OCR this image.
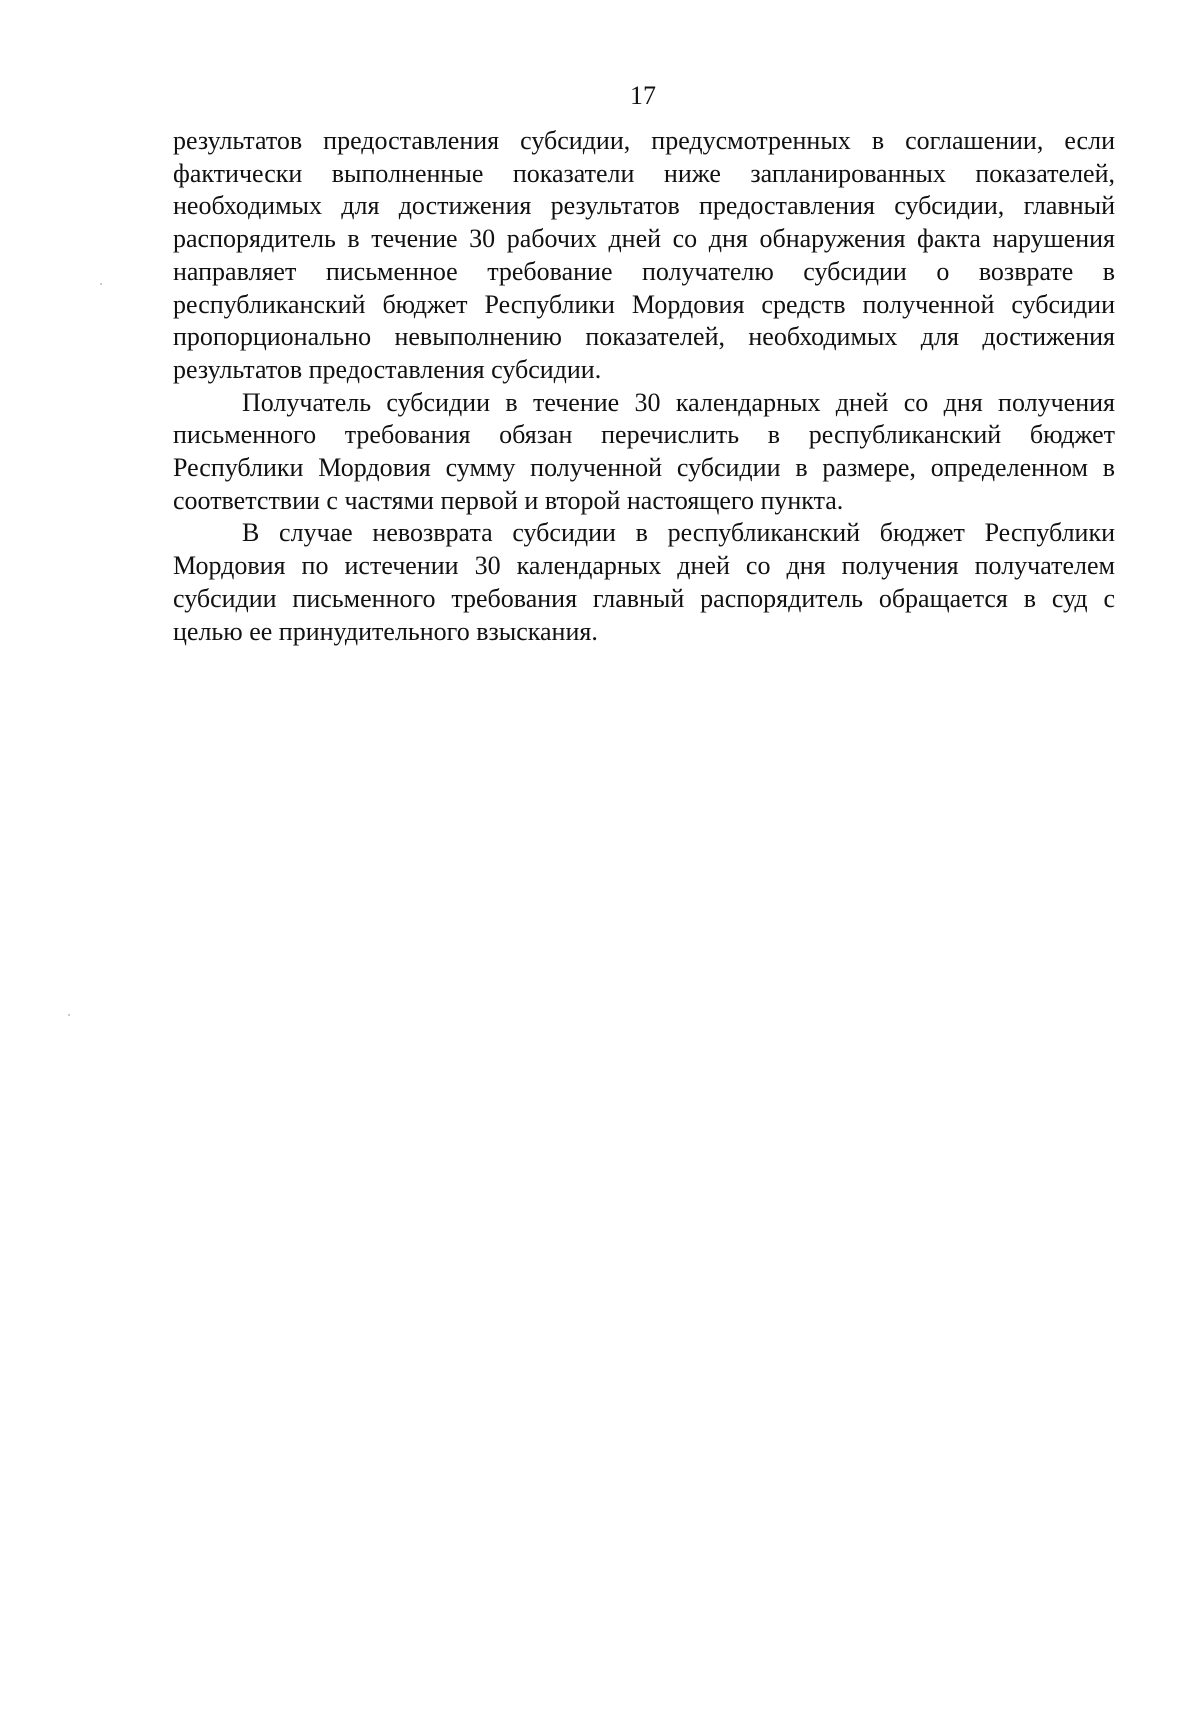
17

результатов предоставления субсидии, предусмотренных в соглашении, если фактически выполненные показатели ниже запланированных показателей, необходимых для достижения результатов предоставления субсидии, главный распорядитель в течение 30 рабочих дней со дня обнаружения факта нарушения направляет письменное требование получателю субсидии о возврате в республиканский бюджет Республики Мордовия средств полученной субсидии пропорционально невыполнению показателей, необходимых для достижения результатов предоставления субсидии.

Получатель субсидии в течение 30 календарных дней со дня получения письменного требования обязан перечислить в республиканский бюджет Республики Мордовия сумму полученной субсидии в размере, определенном в соответствии с частями первой и второй настоящего пункта.

В случае невозврата субсидии в республиканский бюджет Республики Мордовия по истечении 30 календарных дней со дня получения получателем субсидии письменного требования главный распорядитель обращается в суд с целью ее принудительного взыскания.
